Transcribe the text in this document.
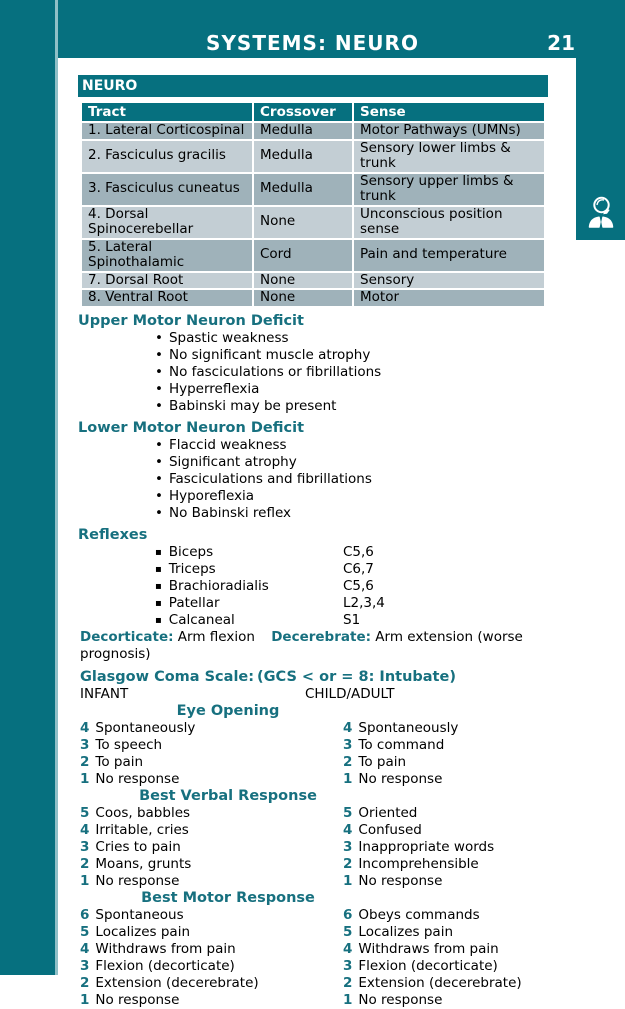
SYSTEMS: NEURO	21
NEURO
Tract	Crossover	Sense
1. Lateral Corticospinal	Medulla	Motor Pathways (UMNs)
2. Fasciculus gracilis	Medulla	Sensory lower limbs & trunk
3. Fasciculus cuneatus	Medulla	Sensory upper limbs & trunk
4. Dorsal Spinocerebellar	None	Unconscious position sense
5. Lateral Spinothalamic	Cord	Pain and temperature
7. Dorsal Root	None	Sensory
8. Ventral Root	None	Motor
Upper Motor Neuron Deficit
• Spastic weakness
• No significant muscle atrophy
• No fasciculations or fibrillations
• Hyperreflexia
• Babinski may be present
Lower Motor Neuron Deficit
• Flaccid weakness
• Significant atrophy
• Fasciculations and fibrillations
• Hyporeflexia
• No Babinski reflex
Reflexes
▪ Biceps	C5,6
▪ Triceps	C6,7
▪ Brachioradialis	C5,6
▪ Patellar	L2,3,4
▪ Calcaneal	S1
Decorticate: Arm flexion Decerebrate: Arm extension (worse prognosis)
Glasgow Coma Scale: (GCS < or = 8: Intubate)
INFANT	CHILD/ADULT
Eye Opening
4 Spontaneously	4 Spontaneously
3 To speech	3 To command
2 To pain	2 To pain
1 No response	1 No response
Best Verbal Response
5 Coos, babbles	5 Oriented
4 Irritable, cries	4 Confused
3 Cries to pain	3 Inappropriate words
2 Moans, grunts	2 Incomprehensible
1 No response	1 No response
Best Motor Response
6 Spontaneous	6 Obeys commands
5 Localizes pain	5 Localizes pain
4 Withdraws from pain	4 Withdraws from pain
3 Flexion (decorticate)	3 Flexion (decorticate)
2 Extension (decerebrate)	2 Extension (decerebrate)
1 No response	1 No response
